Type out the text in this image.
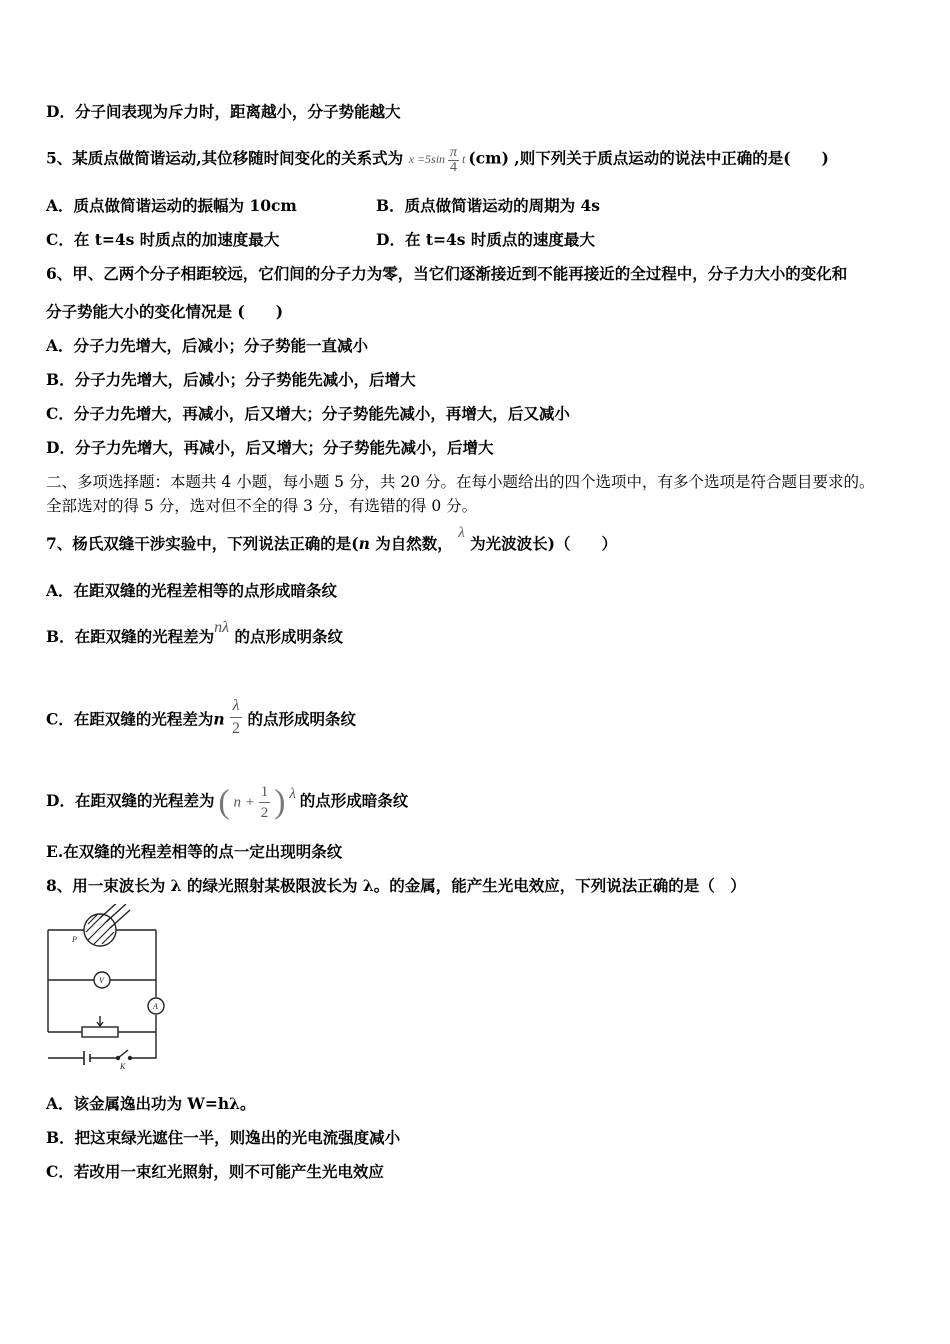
D．分子间表现为斥力时，距离越小，分子势能越大
5、某质点做简谐运动,其位移随时间变化的关系式为 $x =5\sin \frac{\pi}{4}$ t (cm) ,则下列关于质点运动的说法中正确的是(　　)
A．质点做简谐运动的振幅为 10cm	B．质点做简谐运动的周期为 4s
C．在 t=4s 时质点的加速度最大	D．在 t=4s 时质点的速度最大
6、甲、乙两个分子相距较远，它们间的分子力为零，当它们逐渐接近到不能再接近的全过程中，分子力大小的变化和
分子势能大小的变化情况是 (　　)
A．分子力先增大，后减小；分子势能一直减小
B．分子力先增大，后减小；分子势能先减小，后增大
C．分子力先增大，再减小，后又增大；分子势能先减小，再增大，后又减小
D．分子力先增大，再减小，后又增大；分子势能先减小，后增大
二、多项选择题：本题共 4 小题，每小题 5 分，共 20 分。在每小题给出的四个选项中，有多个选项是符合题目要求的。
全部选对的得 5 分，选对但不全的得 3 分，有选错的得 0 分。
7、杨氏双缝干涉实验中，下列说法正确的是(n 为自然数， λ 为光波波长)（　　）
A．在距双缝的光程差相等的点形成暗条纹
B．在距双缝的光程差为nλ 的点形成明条纹
C．在距双缝的光程差为n $\frac{\lambda}{2}$ 的点形成明条纹
D．在距双缝的光程差为 ( $n + \frac{1}{2}$ ) λ 的点形成暗条纹
E.在双缝的光程差相等的点一定出现明条纹
8、用一束波长为 λ 的绿光照射某极限波长为 λ。的金属，能产生光电效应，下列说法正确的是（　）
P
V
A
K
A．该金属逸出功为 W=hλ。
B．把这束绿光遮住一半，则逸出的光电流强度减小
C．若改用一束红光照射，则不可能产生光电效应
